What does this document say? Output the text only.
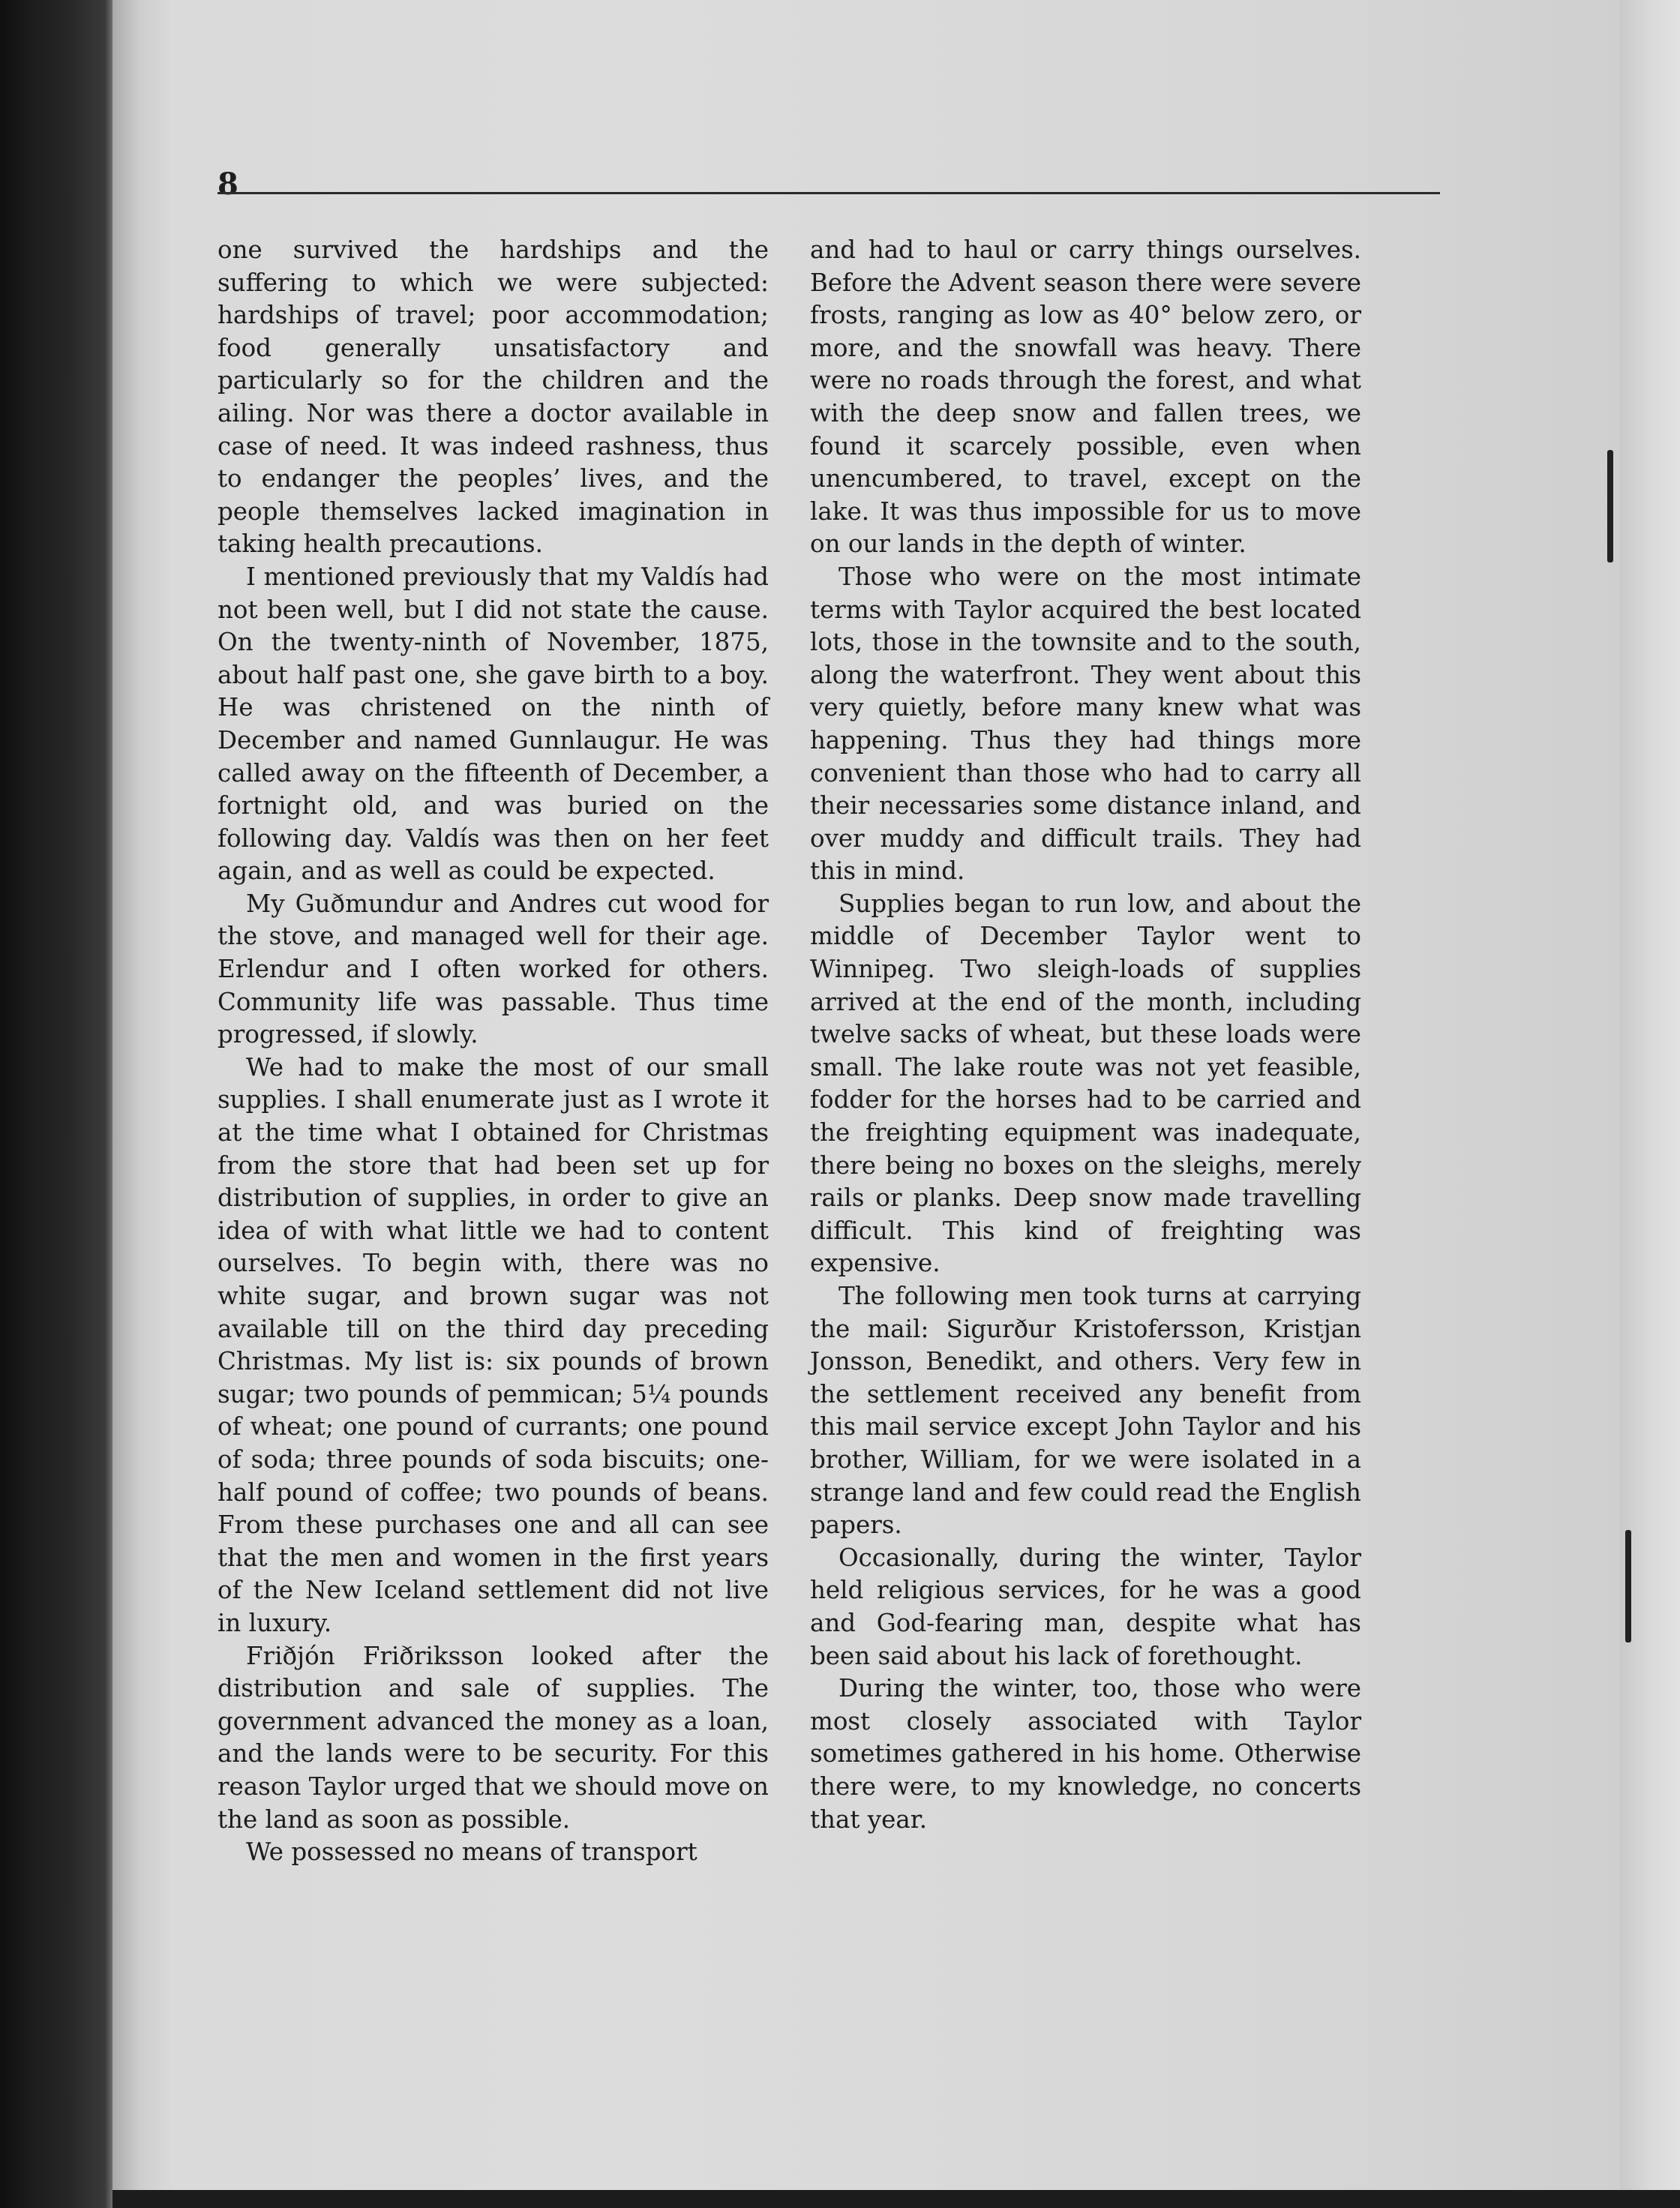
8

one survived the hardships and the suffering to which we were subjected: hardships of travel; poor accommodation; food generally unsatisfactory and particularly so for the children and the ailing. Nor was there a doctor available in case of need. It was indeed rashness, thus to endanger the peoples’ lives, and the people themselves lacked imagination in taking health precautions.

I mentioned previously that my Valdís had not been well, but I did not state the cause. On the twenty-ninth of November, 1875, about half past one, she gave birth to a boy. He was christened on the ninth of December and named Gunnlaugur. He was called away on the fifteenth of December, a fortnight old, and was buried on the following day. Valdís was then on her feet again, and as well as could be expected.

My Guðmundur and Andres cut wood for the stove, and managed well for their age. Erlendur and I often worked for others. Community life was passable. Thus time progressed, if slowly.

We had to make the most of our small supplies. I shall enumerate just as I wrote it at the time what I obtained for Christmas from the store that had been set up for distribution of supplies, in order to give an idea of with what little we had to content ourselves. To begin with, there was no white sugar, and brown sugar was not available till on the third day preceding Christmas. My list is: six pounds of brown sugar; two pounds of pemmican; 5¼ pounds of wheat; one pound of currants; one pound of soda; three pounds of soda biscuits; one-half pound of coffee; two pounds of beans. From these purchases one and all can see that the men and women in the first years of the New Iceland settlement did not live in luxury.

Friðjón Friðriksson looked after the distribution and sale of supplies. The government advanced the money as a loan, and the lands were to be security. For this reason Taylor urged that we should move on the land as soon as possible.

We possessed no means of transport

and had to haul or carry things ourselves. Before the Advent season there were severe frosts, ranging as low as 40° below zero, or more, and the snowfall was heavy. There were no roads through the forest, and what with the deep snow and fallen trees, we found it scarcely possible, even when unencumbered, to travel, except on the lake. It was thus impossible for us to move on our lands in the depth of winter.

Those who were on the most intimate terms with Taylor acquired the best located lots, those in the townsite and to the south, along the waterfront. They went about this very quietly, before many knew what was happening. Thus they had things more convenient than those who had to carry all their necessaries some distance inland, and over muddy and difficult trails. They had this in mind.

Supplies began to run low, and about the middle of December Taylor went to Winnipeg. Two sleigh-loads of supplies arrived at the end of the month, including twelve sacks of wheat, but these loads were small. The lake route was not yet feasible, fodder for the horses had to be carried and the freighting equipment was inadequate, there being no boxes on the sleighs, merely rails or planks. Deep snow made travelling difficult. This kind of freighting was expensive.

The following men took turns at carrying the mail: Sigurður Kristofersson, Kristjan Jonsson, Benedikt, and others. Very few in the settlement received any benefit from this mail service except John Taylor and his brother, William, for we were isolated in a strange land and few could read the English papers.

Occasionally, during the winter, Taylor held religious services, for he was a good and God-fearing man, despite what has been said about his lack of forethought.

During the winter, too, those who were most closely associated with Taylor sometimes gathered in his home. Otherwise there were, to my knowledge, no concerts that year.
